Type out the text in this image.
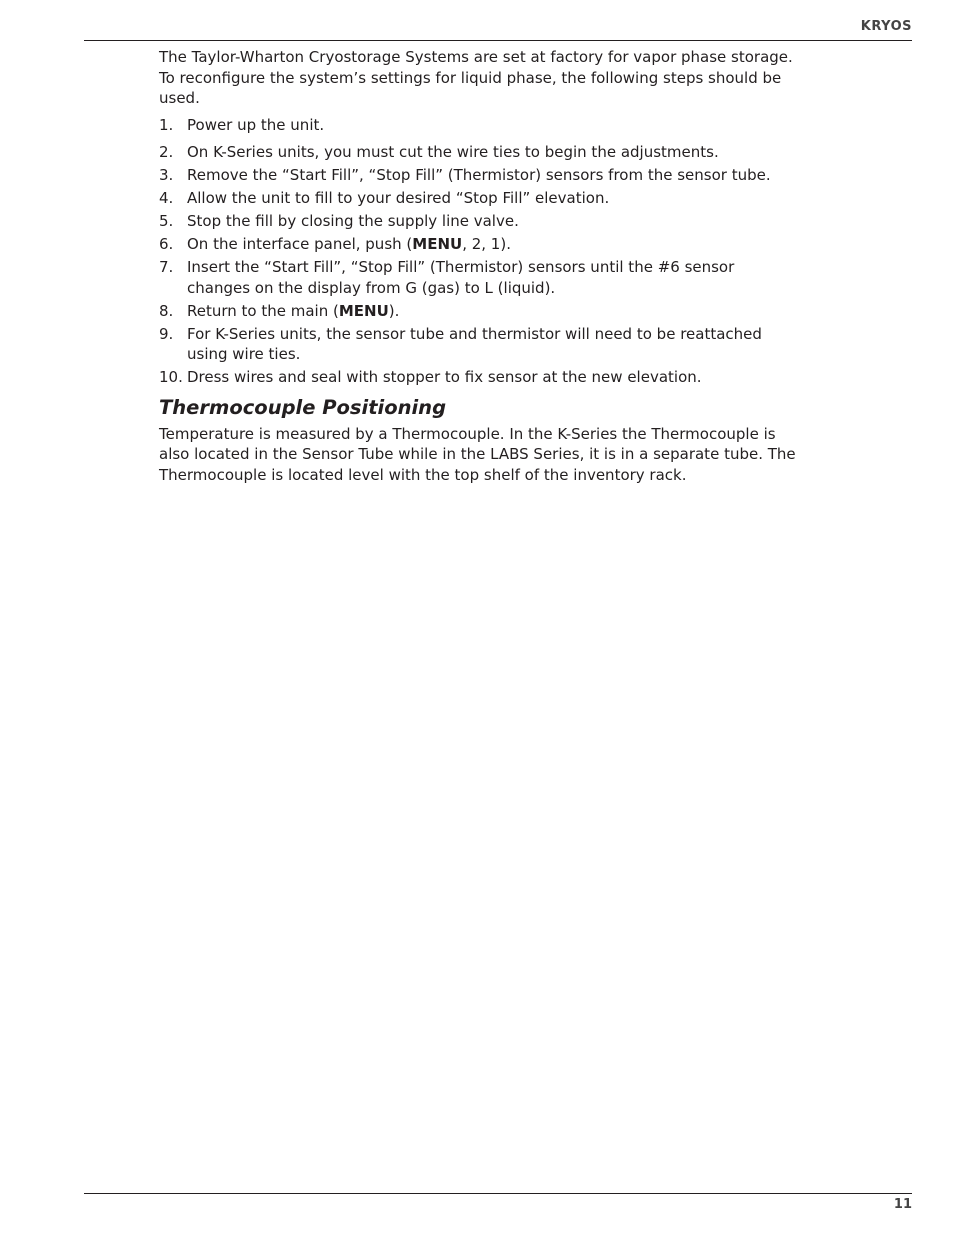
KRYOS

The Taylor-Wharton Cryostorage Systems are set at factory for vapor phase storage. To reconfigure the system’s settings for liquid phase, the following steps should be used.

1. Power up the unit.
2. On K-Series units, you must cut the wire ties to begin the adjustments.
3. Remove the “Start Fill”, “Stop Fill” (Thermistor) sensors from the sensor tube.
4. Allow the unit to fill to your desired “Stop Fill” elevation.
5. Stop the fill by closing the supply line valve.
6. On the interface panel, push (MENU, 2, 1).
7. Insert the “Start Fill”, “Stop Fill” (Thermistor) sensors until the #6 sensor changes on the display from G (gas) to L (liquid).
8. Return to the main (MENU).
9. For K-Series units, the sensor tube and thermistor will need to be reattached using wire ties.
10. Dress wires and seal with stopper to fix sensor at the new elevation.
Thermocouple Positioning

Temperature is measured by a Thermocouple. In the K-Series the Thermocouple is also located in the Sensor Tube while in the LABS Series, it is in a separate tube. The Thermocouple is located level with the top shelf of the inventory rack.

11
